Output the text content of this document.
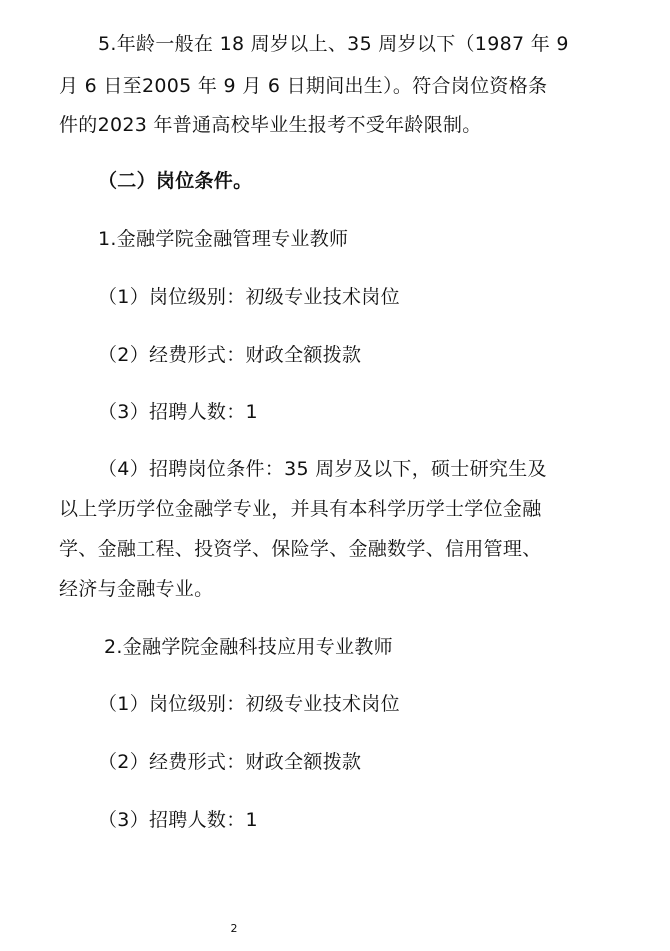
5.年龄一般在 18 周岁以上、35 周岁以下（1987 年 9
月 6 日至2005 年 9 月 6 日期间出生）。符合岗位资格条
件的2023 年普通高校毕业生报考不受年龄限制。
（二）岗位条件。
1.金融学院金融管理专业教师
（1）岗位级别：初级专业技术岗位
（2）经费形式：财政全额拨款
（3）招聘人数：1
（4）招聘岗位条件：35 周岁及以下，硕士研究生及
以上学历学位金融学专业，并具有本科学历学士学位金融
学、金融工程、投资学、保险学、金融数学、信用管理、
经济与金融专业。
2.金融学院金融科技应用专业教师
（1）岗位级别：初级专业技术岗位
（2）经费形式：财政全额拨款
（3）招聘人数：1
2
